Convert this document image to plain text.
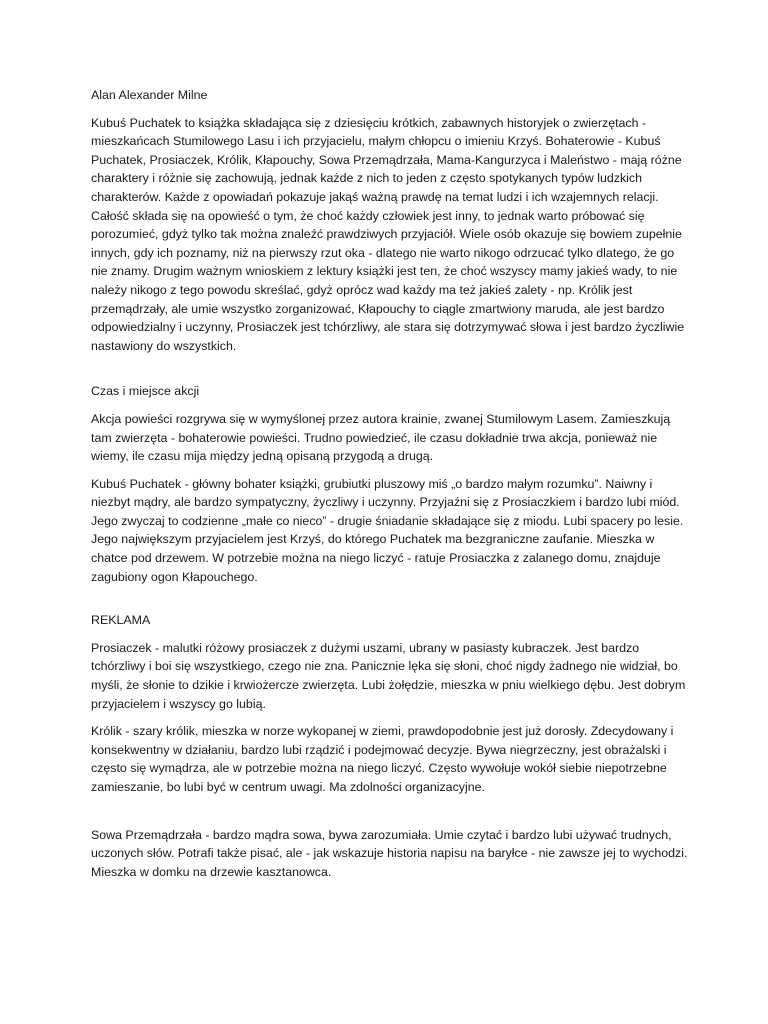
Alan Alexander Milne

Kubuś Puchatek to książka składająca się z dziesięciu krótkich, zabawnych historyjek o zwierzętach - mieszkańcach Stumilowego Lasu i ich przyjacielu, małym chłopcu o imieniu Krzyś. Bohaterowie - Kubuś Puchatek, Prosiaczek, Królik, Kłapouchy, Sowa Przemądrzała, Mama-Kangurzyca i Maleństwo - mają różne charaktery i różnie się zachowują, jednak każde z nich to jeden z często spotykanych typów ludzkich charakterów. Każde z opowiadań pokazuje jakąś ważną prawdę na temat ludzi i ich wzajemnych relacji. Całość składa się na opowieść o tym, że choć każdy człowiek jest inny, to jednak warto próbować się porozumieć, gdyż tylko tak można znaleźć prawdziwych przyjaciół. Wiele osób okazuje się bowiem zupełnie innych, gdy ich poznamy, niż na pierwszy rzut oka - dlatego nie warto nikogo odrzucać tylko dlatego, że go nie znamy. Drugim ważnym wnioskiem z lektury książki jest ten, że choć wszyscy mamy jakieś wady, to nie należy nikogo z tego powodu skreślać, gdyż oprócz wad każdy ma też jakieś zalety - np. Królik jest przemądrzały, ale umie wszystko zorganizować, Kłapouchy to ciągle zmartwiony maruda, ale jest bardzo odpowiedzialny i uczynny, Prosiaczek jest tchórzliwy, ale stara się dotrzymywać słowa i jest bardzo życzliwie nastawiony do wszystkich.

Czas i miejsce akcji

Akcja powieści rozgrywa się w wymyślonej przez autora krainie, zwanej Stumilowym Lasem. Zamieszkują tam zwierzęta - bohaterowie powieści. Trudno powiedzieć, ile czasu dokładnie trwa akcja, ponieważ nie wiemy, ile czasu mija między jedną opisaną przygodą a drugą.

Kubuś Puchatek - główny bohater książki, grubiutki pluszowy miś „o bardzo małym rozumku”. Naiwny i niezbyt mądry, ale bardzo sympatyczny, życzliwy i uczynny. Przyjaźni się z Prosiaczkiem i bardzo lubi miód. Jego zwyczaj to codzienne „małe co nieco” - drugie śniadanie składające się z miodu. Lubi spacery po lesie. Jego największym przyjacielem jest Krzyś, do którego Puchatek ma bezgraniczne zaufanie. Mieszka w chatce pod drzewem. W potrzebie można na niego liczyć - ratuje Prosiaczka z zalanego domu, znajduje zagubiony ogon Kłapouchego.

REKLAMA

Prosiaczek - malutki różowy prosiaczek z dużymi uszami, ubrany w pasiasty kubraczek. Jest bardzo tchórzliwy i boi się wszystkiego, czego nie zna. Panicznie lęka się słoni, choć nigdy żadnego nie widział, bo myśli, że słonie to dzikie i krwiożercze zwierzęta. Lubi żołędzie, mieszka w pniu wielkiego dębu. Jest dobrym przyjacielem i wszyscy go lubią.

Królik - szary królik, mieszka w norze wykopanej w ziemi, prawdopodobnie jest już dorosły. Zdecydowany i konsekwentny w działaniu, bardzo lubi rządzić i podejmować decyzje. Bywa niegrzeczny, jest obrażalski i często się wymądrza, ale w potrzebie można na niego liczyć. Często wywołuje wokół siebie niepotrzebne zamieszanie, bo lubi być w centrum uwagi. Ma zdolności organizacyjne.

Sowa Przemądrzała - bardzo mądra sowa, bywa zarozumiała. Umie czytać i bardzo lubi używać trudnych, uczonych słów. Potrafi także pisać, ale - jak wskazuje historia napisu na baryłce - nie zawsze jej to wychodzi. Mieszka w domku na drzewie kasztanowca.
